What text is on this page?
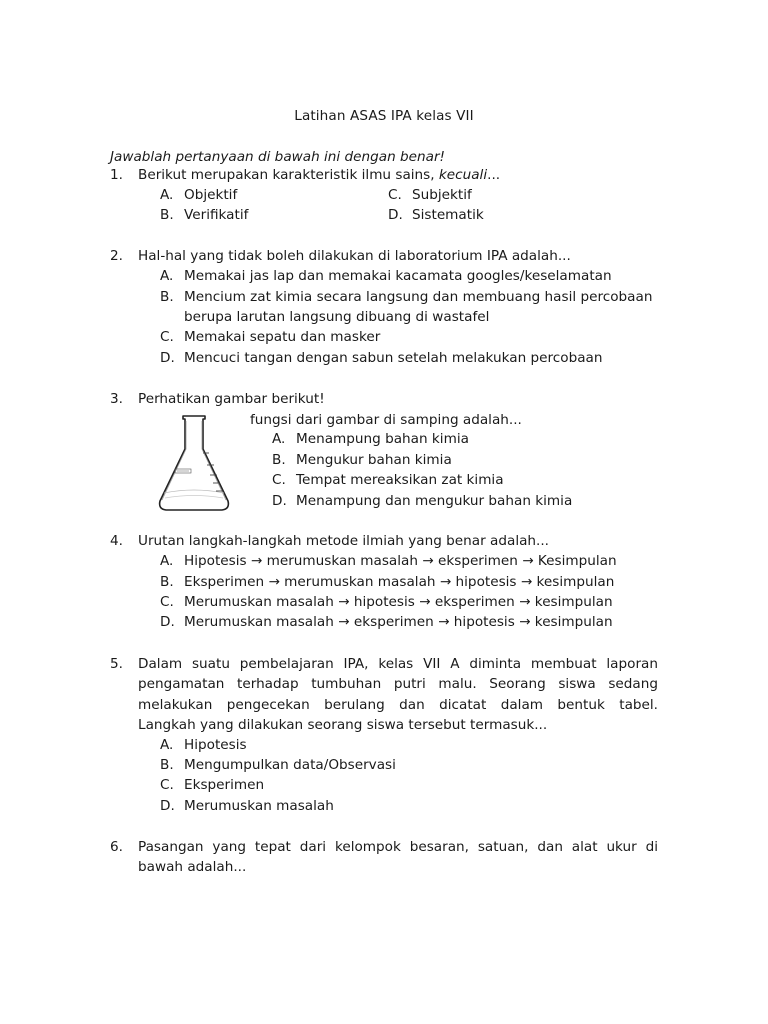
Latihan ASAS IPA kelas VII
Jawablah pertanyaan di bawah ini dengan benar!
1. Berikut merupakan karakteristik ilmu sains, kecuali...
A. Objektif
B. Verifikatif
C. Subjektif
D. Sistematik
2. Hal-hal yang tidak boleh dilakukan di laboratorium IPA adalah...
A. Memakai jas lap dan memakai kacamata googles/keselamatan
B. Mencium zat kimia secara langsung dan membuang hasil percobaan
berupa larutan langsung dibuang di wastafel
C. Memakai sepatu dan masker
D. Mencuci tangan dengan sabun setelah melakukan percobaan
3. Perhatikan gambar berikut!
fungsi dari gambar di samping adalah...
A. Menampung bahan kimia
B. Mengukur bahan kimia
C. Tempat mereaksikan zat kimia
D. Menampung dan mengukur bahan kimia
4. Urutan langkah-langkah metode ilmiah yang benar adalah...
A. Hipotesis → merumuskan masalah → eksperimen → Kesimpulan
B. Eksperimen → merumuskan masalah → hipotesis → kesimpulan
C. Merumuskan masalah → hipotesis → eksperimen → kesimpulan
D. Merumuskan masalah → eksperimen → hipotesis → kesimpulan
5. Dalam suatu pembelajaran IPA, kelas VII A diminta membuat laporan
pengamatan terhadap tumbuhan putri malu. Seorang siswa sedang
melakukan pengecekan berulang dan dicatat dalam bentuk tabel.
Langkah yang dilakukan seorang siswa tersebut termasuk...
A. Hipotesis
B. Mengumpulkan data/Observasi
C. Eksperimen
D. Merumuskan masalah
6. Pasangan yang tepat dari kelompok besaran, satuan, dan alat ukur di
bawah adalah...
